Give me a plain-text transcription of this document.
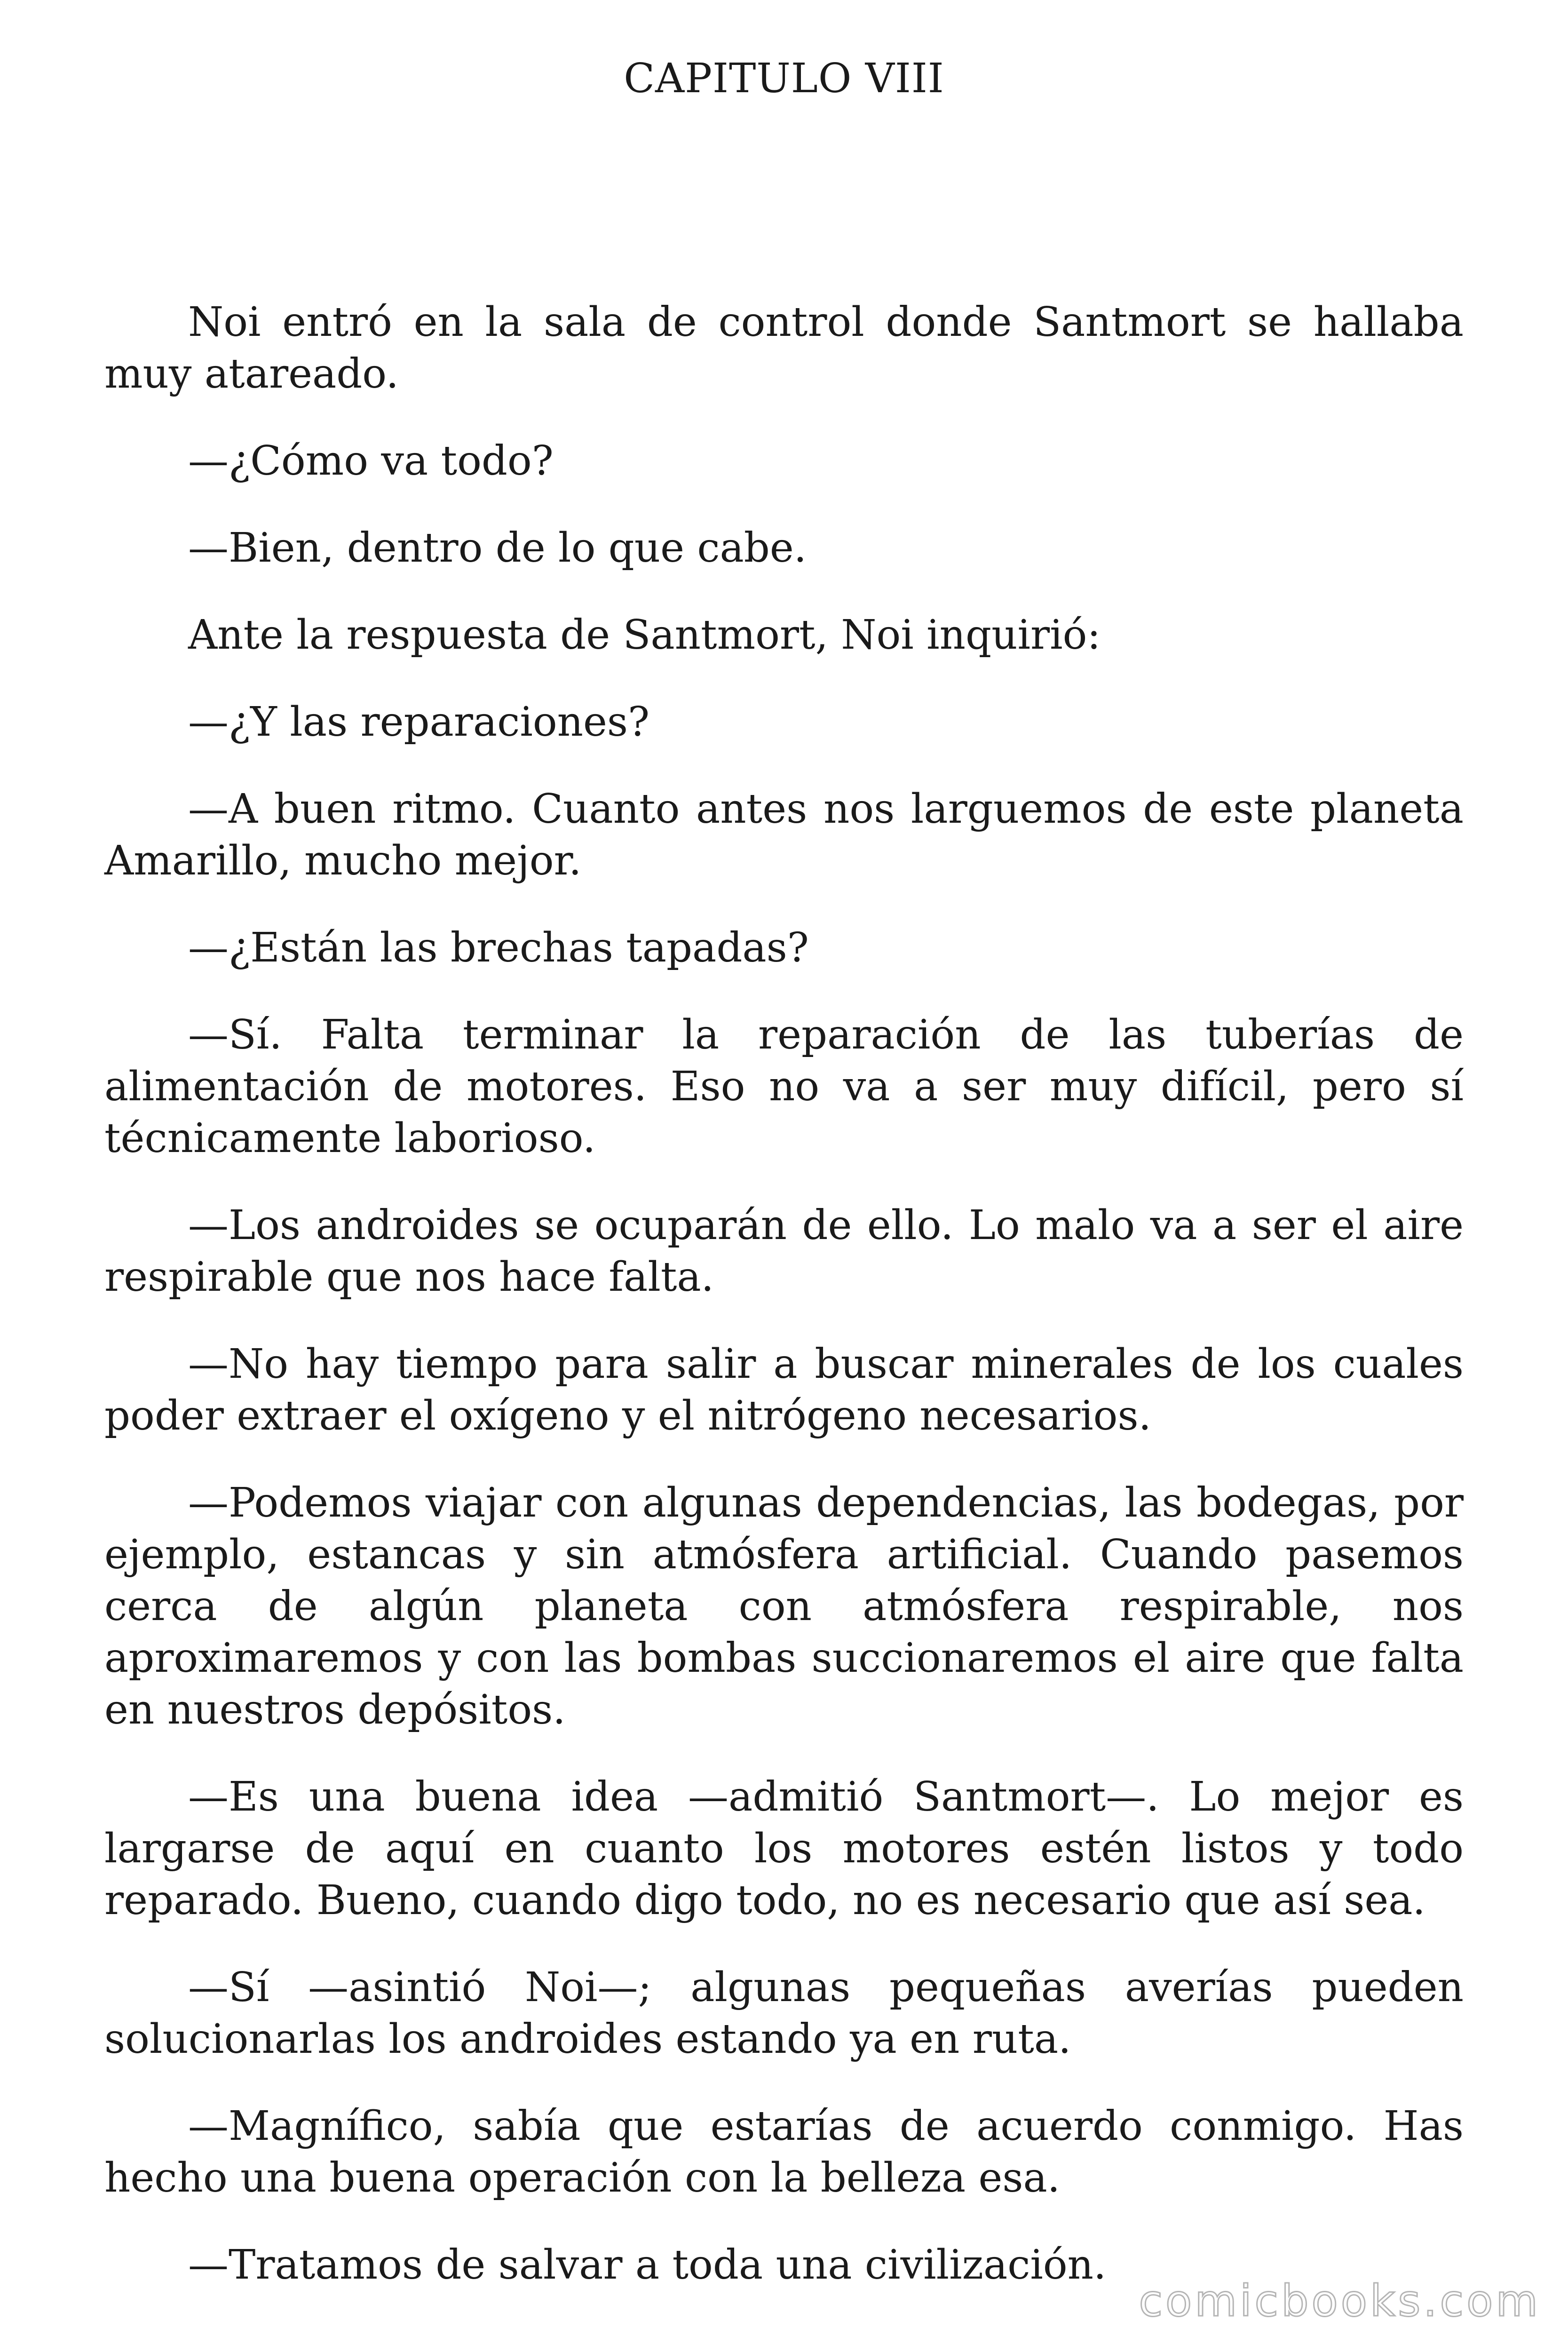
CAPITULO VIII

Noi entró en la sala de control donde Santmort se hallaba muy atareado.

—¿Cómo va todo?

—Bien, dentro de lo que cabe.

Ante la respuesta de Santmort, Noi inquirió:

—¿Y las reparaciones?

—A buen ritmo. Cuanto antes nos larguemos de este planeta Amarillo, mucho mejor.

—¿Están las brechas tapadas?

—Sí. Falta terminar la reparación de las tuberías de alimentación de motores. Eso no va a ser muy difícil, pero sí técnicamente laborioso.

—Los androides se ocuparán de ello. Lo malo va a ser el aire respirable que nos hace falta.

—No hay tiempo para salir a buscar minerales de los cuales poder extraer el oxígeno y el nitrógeno necesarios.

—Podemos viajar con algunas dependencias, las bodegas, por ejemplo, estancas y sin atmósfera artificial. Cuando pasemos cerca de algún planeta con atmósfera respirable, nos aproximaremos y con las bombas succionaremos el aire que falta en nuestros depósitos.

—Es una buena idea —admitió Santmort—. Lo mejor es largarse de aquí en cuanto los motores estén listos y todo reparado. Bueno, cuando digo todo, no es necesario que así sea.

—Sí —asintió Noi—; algunas pequeñas averías pueden solucionarlas los androides estando ya en ruta.

—Magnífico, sabía que estarías de acuerdo conmigo. Has hecho una buena operación con la belleza esa.

—Tratamos de salvar a toda una civilización.

comicbooks.com
